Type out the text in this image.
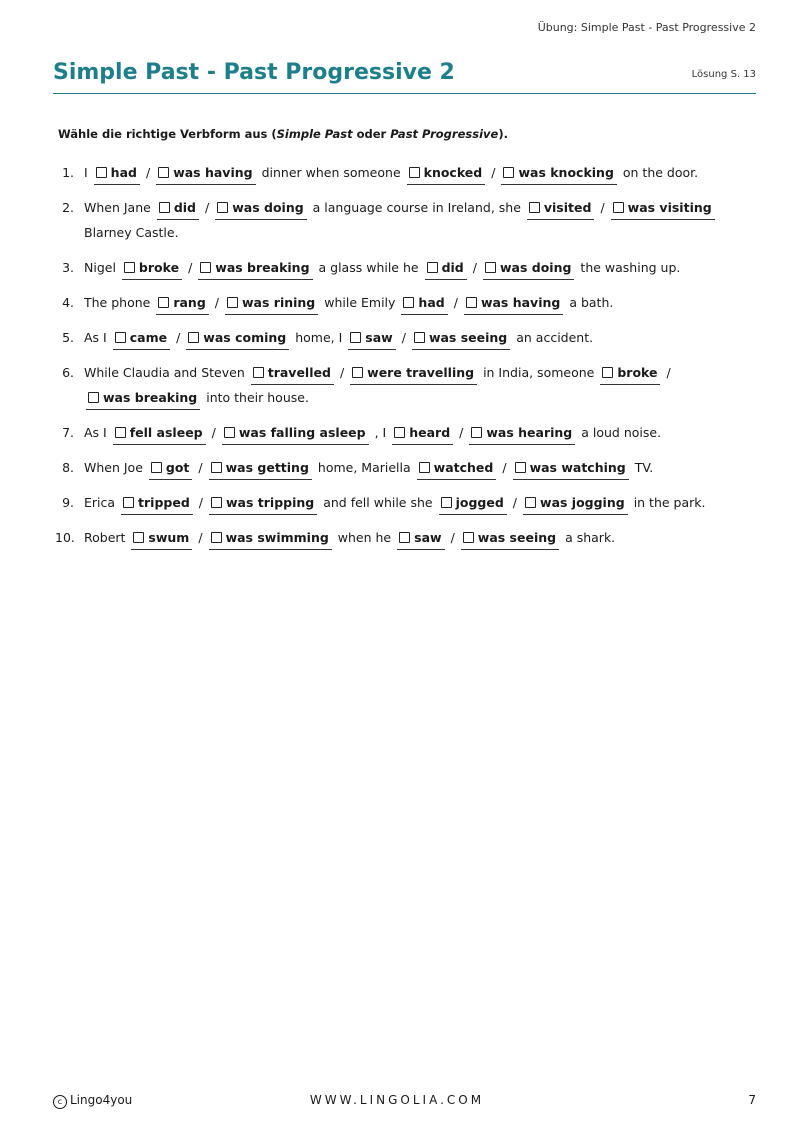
Übung: Simple Past - Past Progressive 2
Simple Past - Past Progressive 2	Lösung S. 13
Wähle die richtige Verbform aus (Simple Past oder Past Progressive).
1. I had / was having dinner when someone knocked / was knocking on the door.
2. When Jane did / was doing a language course in Ireland, she visited / was visiting Blarney Castle.
3. Nigel broke / was breaking a glass while he did / was doing the washing up.
4. The phone rang / was rining while Emily had / was having a bath.
5. As I came / was coming home, I saw / was seeing an accident.
6. While Claudia and Steven travelled / were travelling in India, someone broke /was breaking into their house.
7. As I fell asleep / was falling asleep , I heard / was hearing a loud noise.
8. When Joe got / was getting home, Mariella watched / was watching TV.
9. Erica tripped / was tripping and fell while she jogged / was jogging in the park.
10. Robert swum / was swimming when he saw / was seeing a shark.
c Lingo4you	WWW.LINGOLIA.COM	7
